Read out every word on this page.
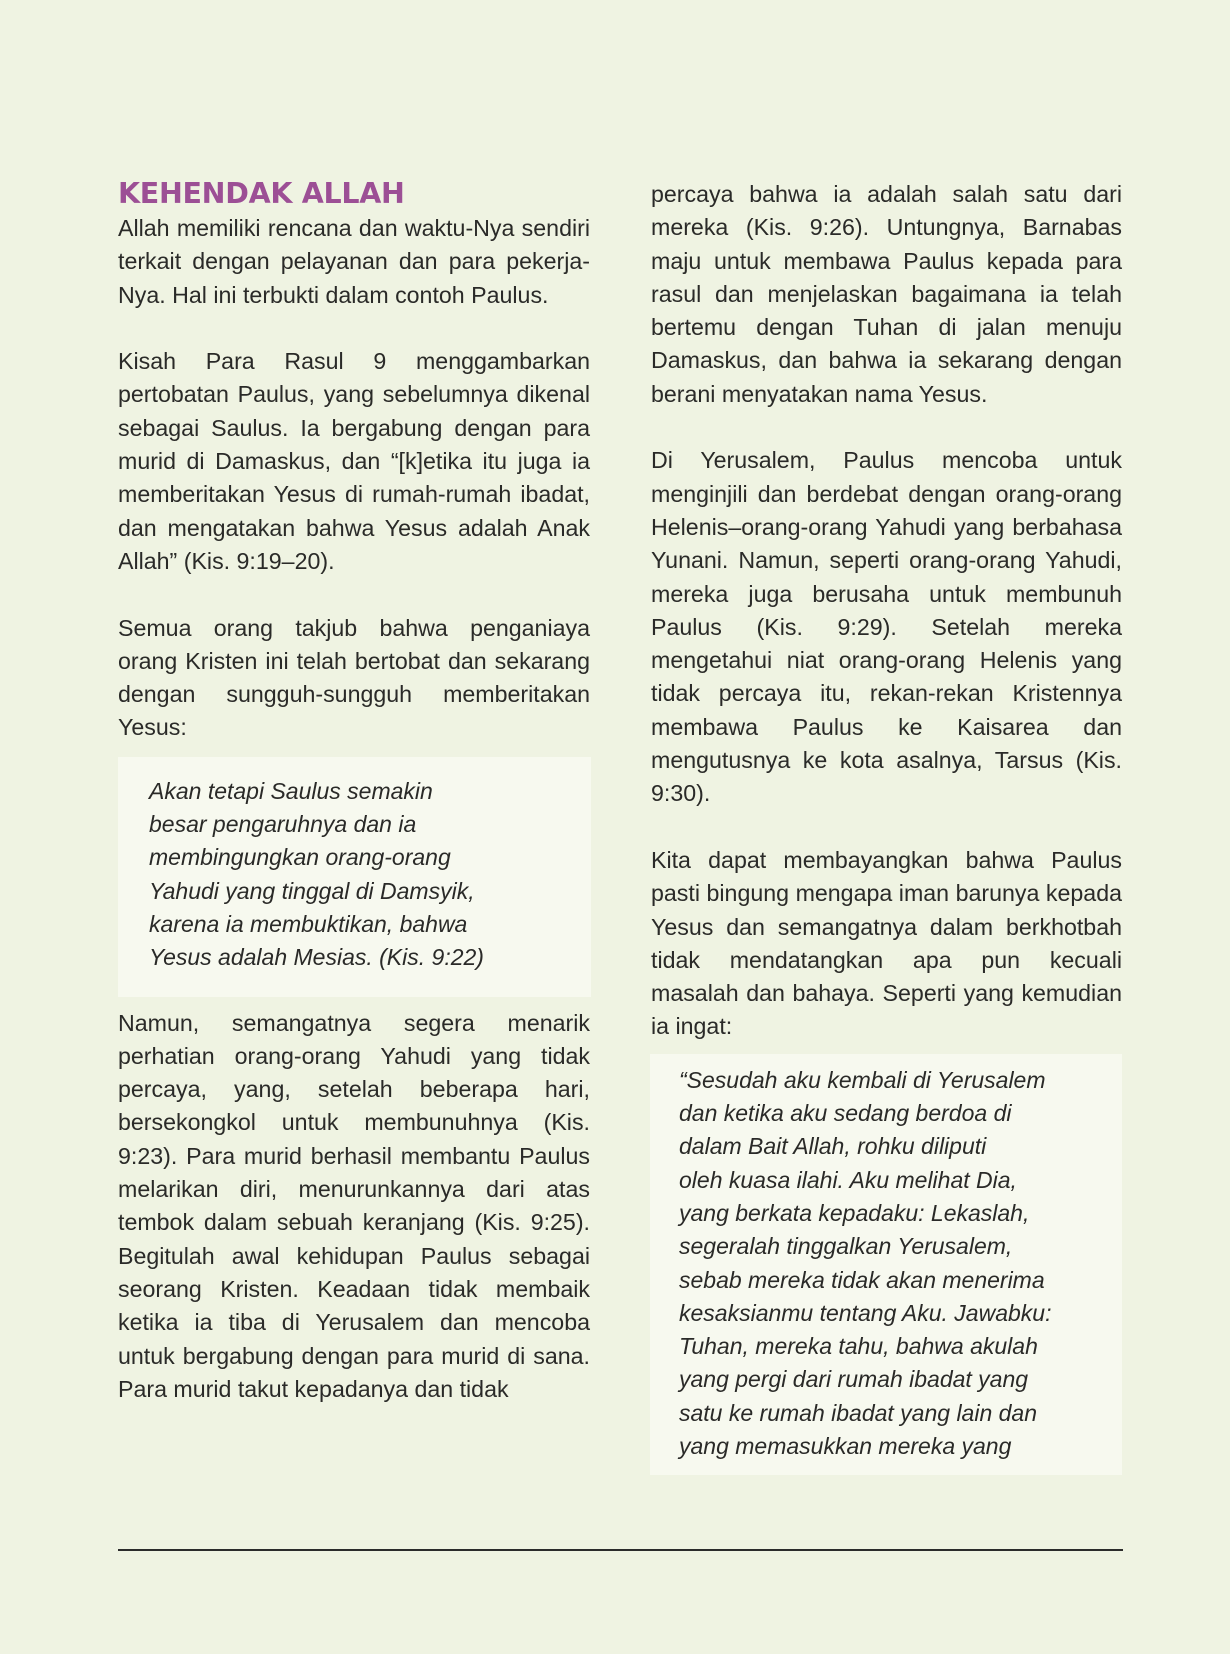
KEHENDAK ALLAH

Allah memiliki rencana dan waktu-Nya sendiri terkait dengan pelayanan dan para pekerja-Nya. Hal ini terbukti dalam contoh Paulus.

Kisah Para Rasul 9 menggambarkan pertobatan Paulus, yang sebelumnya dikenal sebagai Saulus. Ia bergabung dengan para murid di Damaskus, dan “[k]etika itu juga ia memberitakan Yesus di rumah-rumah ibadat, dan mengatakan bahwa Yesus adalah Anak Allah” (Kis. 9:19–20).

Semua orang takjub bahwa penganiaya orang Kristen ini telah bertobat dan sekarang dengan sungguh-sungguh memberitakan Yesus:

Akan tetapi Saulus semakin
besar pengaruhnya dan ia
membingungkan orang-orang
Yahudi yang tinggal di Damsyik,
karena ia membuktikan, bahwa
Yesus adalah Mesias. (Kis. 9:22)

Namun, semangatnya segera menarik perhatian orang-orang Yahudi yang tidak percaya, yang, setelah beberapa hari, bersekongkol untuk membunuhnya (Kis. 9:23). Para murid berhasil membantu Paulus melarikan diri, menurunkannya dari atas tembok dalam sebuah keranjang (Kis. 9:25). Begitulah awal kehidupan Paulus sebagai seorang Kristen. Keadaan tidak membaik ketika ia tiba di Yerusalem dan mencoba untuk bergabung dengan para murid di sana. Para murid takut kepadanya dan tidak

percaya bahwa ia adalah salah satu dari mereka (Kis. 9:26). Untungnya, Barnabas maju untuk membawa Paulus kepada para rasul dan menjelaskan bagaimana ia telah bertemu dengan Tuhan di jalan menuju Damaskus, dan bahwa ia sekarang dengan berani menyatakan nama Yesus.

Di Yerusalem, Paulus mencoba untuk menginjili dan berdebat dengan orang-orang Helenis–orang-orang Yahudi yang berbahasa Yunani. Namun, seperti orang-orang Yahudi, mereka juga berusaha untuk membunuh Paulus (Kis. 9:29). Setelah mereka mengetahui niat orang-orang Helenis yang tidak percaya itu, rekan-rekan Kristennya membawa Paulus ke Kaisarea dan mengutusnya ke kota asalnya, Tarsus (Kis. 9:30).

Kita dapat membayangkan bahwa Paulus pasti bingung mengapa iman barunya kepada Yesus dan semangatnya dalam berkhotbah tidak mendatangkan apa pun kecuali masalah dan bahaya. Seperti yang kemudian ia ingat:

“Sesudah aku kembali di Yerusalem
dan ketika aku sedang berdoa di
dalam Bait Allah, rohku diliputi
oleh kuasa ilahi. Aku melihat Dia,
yang berkata kepadaku: Lekaslah,
segeralah tinggalkan Yerusalem,
sebab mereka tidak akan menerima
kesaksianmu tentang Aku. Jawabku:
Tuhan, mereka tahu, bahwa akulah
yang pergi dari rumah ibadat yang
satu ke rumah ibadat yang lain dan
yang memasukkan mereka yang
